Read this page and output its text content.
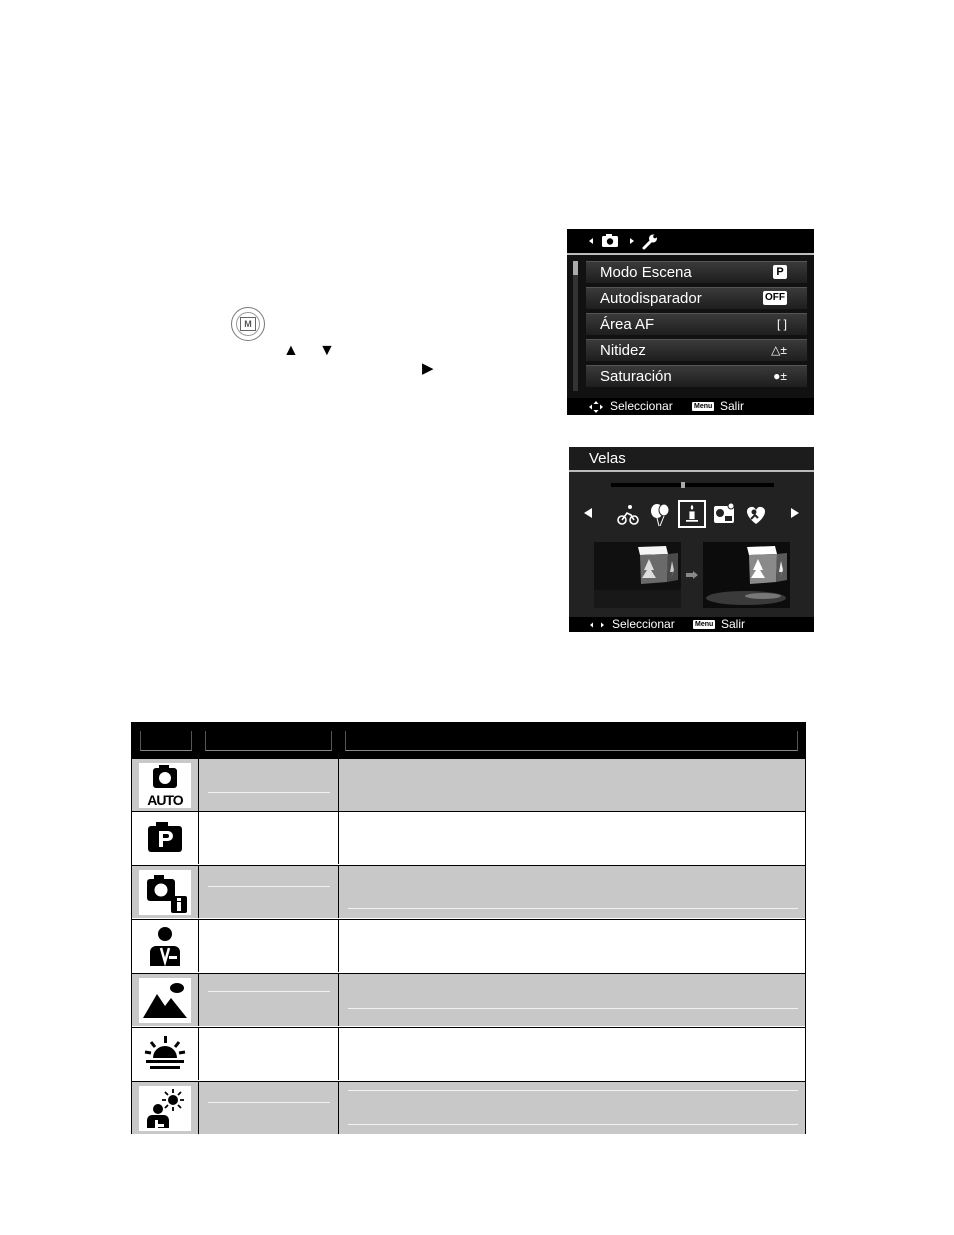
M
▲ ▼
▶
Modo Escena	P
Autodisparador	OFF
Área AF	[ ]
Nitidez	△±
Saturación	●±
Seleccionar	Menu Salir
Velas
Seleccionar	Menu Salir
AUTO
